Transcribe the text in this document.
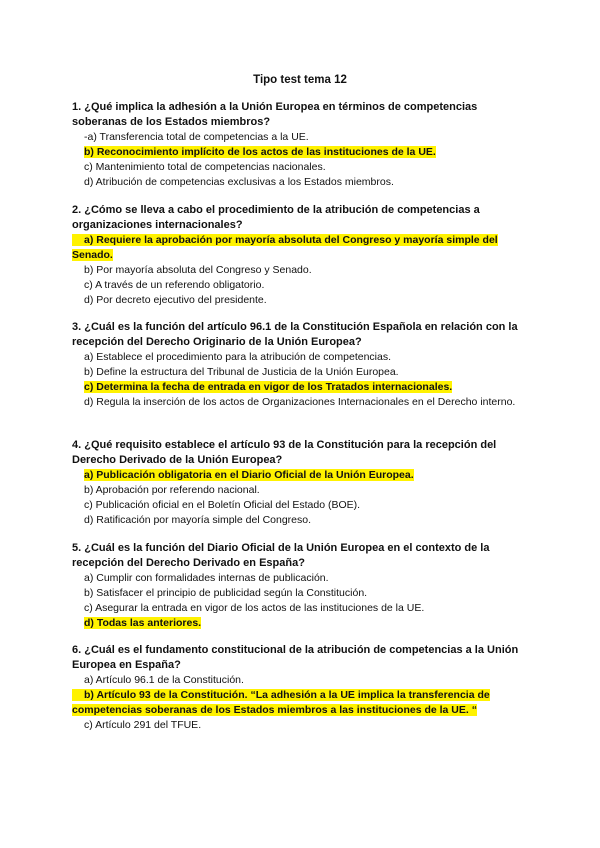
Tipo test tema 12
1. ¿Qué implica la adhesión a la Unión Europea en términos de competencias soberanas de los Estados miembros?
-a) Transferencia total de competencias a la UE.
b) Reconocimiento implícito de los actos de las instituciones de la UE.
c) Mantenimiento total de competencias nacionales.
d) Atribución de competencias exclusivas a los Estados miembros.
2. ¿Cómo se lleva a cabo el procedimiento de la atribución de competencias a organizaciones internacionales?
a) Requiere la aprobación por mayoría absoluta del Congreso y mayoría simple del Senado.
b) Por mayoría absoluta del Congreso y Senado.
c) A través de un referendo obligatorio.
d) Por decreto ejecutivo del presidente.
3. ¿Cuál es la función del artículo 96.1 de la Constitución Española en relación con la recepción del Derecho Originario de la Unión Europea?
a) Establece el procedimiento para la atribución de competencias.
b) Define la estructura del Tribunal de Justicia de la Unión Europea.
c) Determina la fecha de entrada en vigor de los Tratados internacionales.
d) Regula la inserción de los actos de Organizaciones Internacionales en el Derecho interno.
4. ¿Qué requisito establece el artículo 93 de la Constitución para la recepción del Derecho Derivado de la Unión Europea?
a) Publicación obligatoria en el Diario Oficial de la Unión Europea.
b) Aprobación por referendo nacional.
c) Publicación oficial en el Boletín Oficial del Estado (BOE).
d) Ratificación por mayoría simple del Congreso.
5. ¿Cuál es la función del Diario Oficial de la Unión Europea en el contexto de la recepción del Derecho Derivado en España?
a) Cumplir con formalidades internas de publicación.
b) Satisfacer el principio de publicidad según la Constitución.
c) Asegurar la entrada en vigor de los actos de las instituciones de la UE.
d) Todas las anteriores.
6. ¿Cuál es el fundamento constitucional de la atribución de competencias a la Unión Europea en España?
a) Artículo 96.1 de la Constitución.
b) Artículo 93 de la Constitución. “La adhesión a la UE implica la transferencia de competencias soberanas de los Estados miembros a las instituciones de la UE. “
c) Artículo 291 del TFUE.
